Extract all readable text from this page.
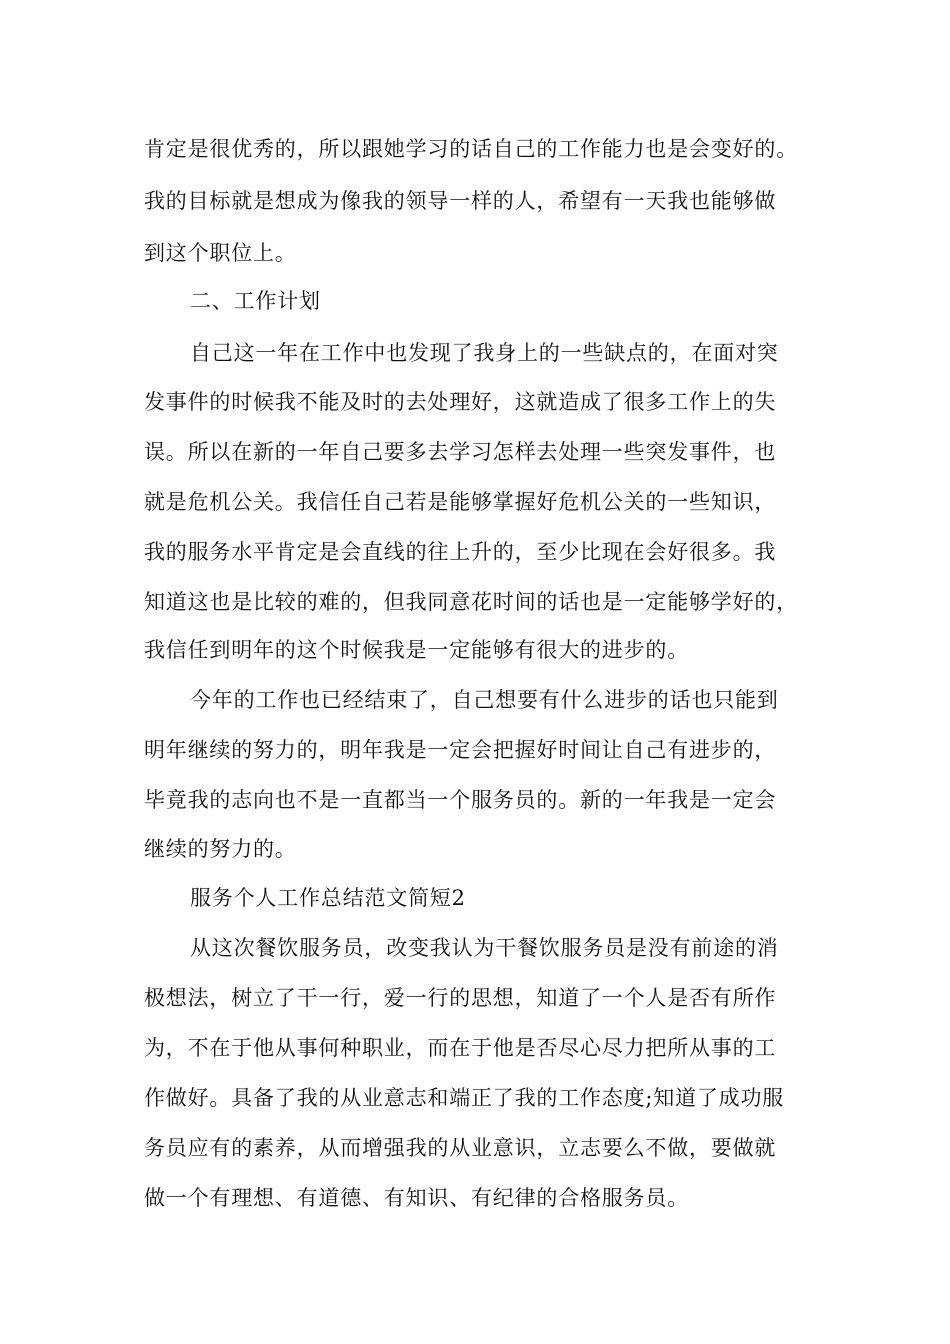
肯定是很优秀的，所以跟她学习的话自己的工作能力也是会变好的。
我的目标就是想成为像我的领导一样的人，希望有一天我也能够做
到这个职位上。
二、工作计划
自己这一年在工作中也发现了我身上的一些缺点的，在面对突
发事件的时候我不能及时的去处理好，这就造成了很多工作上的失
误。所以在新的一年自己要多去学习怎样去处理一些突发事件，也
就是危机公关。我信任自己若是能够掌握好危机公关的一些知识，
我的服务水平肯定是会直线的往上升的，至少比现在会好很多。我
知道这也是比较的难的，但我同意花时间的话也是一定能够学好的，
我信任到明年的这个时候我是一定能够有很大的进步的。
今年的工作也已经结束了，自己想要有什么进步的话也只能到
明年继续的努力的，明年我是一定会把握好时间让自己有进步的，
毕竟我的志向也不是一直都当一个服务员的。新的一年我是一定会
继续的努力的。
服务个人工作总结范文简短2
从这次餐饮服务员，改变我认为干餐饮服务员是没有前途的消
极想法，树立了干一行，爱一行的思想，知道了一个人是否有所作
为，不在于他从事何种职业，而在于他是否尽心尽力把所从事的工
作做好。具备了我的从业意志和端正了我的工作态度;知道了成功服
务员应有的素养，从而增强我的从业意识，立志要么不做，要做就
做一个有理想、有道德、有知识、有纪律的合格服务员。
